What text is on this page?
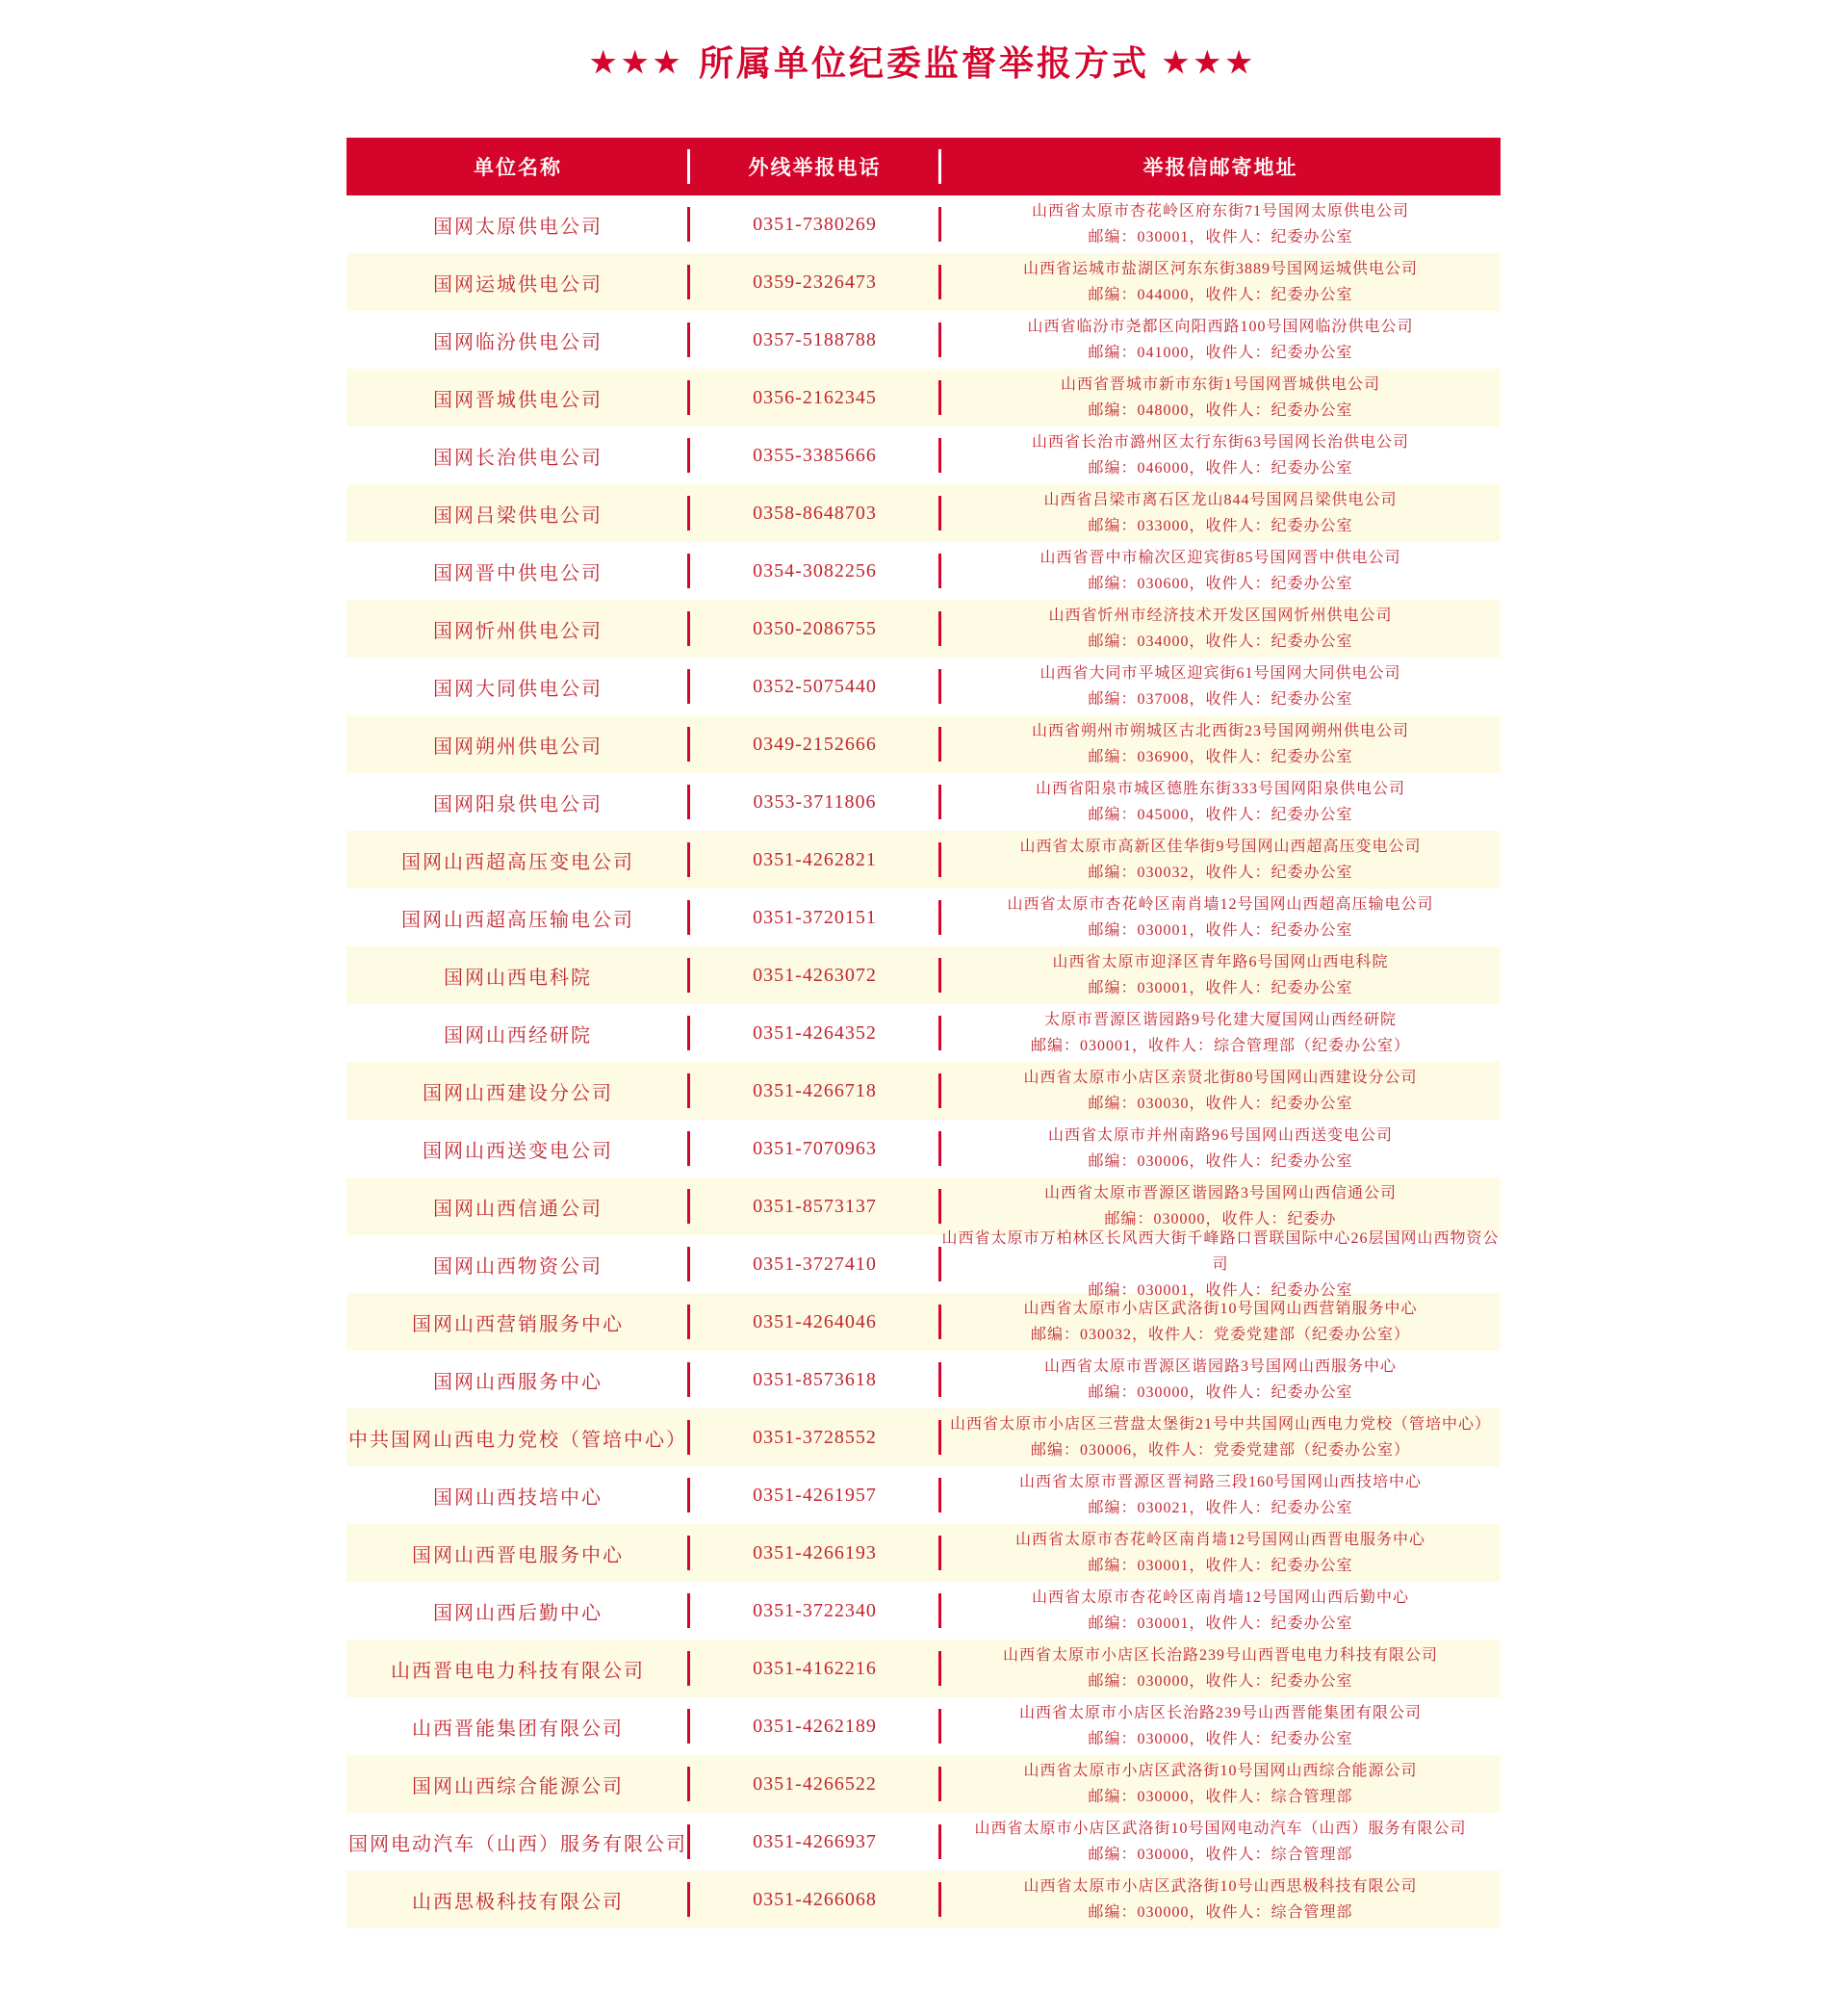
★★★ 所属单位纪委监督举报方式 ★★★
单位名称	外线举报电话	举报信邮寄地址
国网太原供电公司	0351-7380269
山西省太原市杏花岭区府东街71号国网太原供电公司
邮编：030001，收件人：纪委办公室
国网运城供电公司	0359-2326473
山西省运城市盐湖区河东东街3889号国网运城供电公司
邮编：044000，收件人：纪委办公室
国网临汾供电公司	0357-5188788
山西省临汾市尧都区向阳西路100号国网临汾供电公司
邮编：041000，收件人：纪委办公室
国网晋城供电公司	0356-2162345
山西省晋城市新市东街1号国网晋城供电公司
邮编：048000，收件人：纪委办公室
国网长治供电公司	0355-3385666
山西省长治市潞州区太行东街63号国网长治供电公司
邮编：046000，收件人：纪委办公室
国网吕梁供电公司	0358-8648703
山西省吕梁市离石区龙山844号国网吕梁供电公司
邮编：033000，收件人：纪委办公室
国网晋中供电公司	0354-3082256
山西省晋中市榆次区迎宾街85号国网晋中供电公司
邮编：030600，收件人：纪委办公室
国网忻州供电公司	0350-2086755
山西省忻州市经济技术开发区国网忻州供电公司
邮编：034000，收件人：纪委办公室
国网大同供电公司	0352-5075440
山西省大同市平城区迎宾街61号国网大同供电公司
邮编：037008，收件人：纪委办公室
国网朔州供电公司	0349-2152666
山西省朔州市朔城区古北西街23号国网朔州供电公司
邮编：036900，收件人：纪委办公室
国网阳泉供电公司	0353-3711806
山西省阳泉市城区德胜东街333号国网阳泉供电公司
邮编：045000，收件人：纪委办公室
国网山西超高压变电公司	0351-4262821
山西省太原市高新区佳华街9号国网山西超高压变电公司
邮编：030032，收件人：纪委办公室
国网山西超高压输电公司	0351-3720151
山西省太原市杏花岭区南肖墙12号国网山西超高压输电公司
邮编：030001，收件人：纪委办公室
国网山西电科院	0351-4263072
山西省太原市迎泽区青年路6号国网山西电科院
邮编：030001，收件人：纪委办公室
国网山西经研院	0351-4264352
太原市晋源区谐园路9号化建大厦国网山西经研院
邮编：030001，收件人：综合管理部（纪委办公室）
国网山西建设分公司	0351-4266718
山西省太原市小店区亲贤北街80号国网山西建设分公司
邮编：030030，收件人：纪委办公室
国网山西送变电公司	0351-7070963
山西省太原市并州南路96号国网山西送变电公司
邮编：030006，收件人：纪委办公室
国网山西信通公司	0351-8573137
山西省太原市晋源区谐园路3号国网山西信通公司
邮编：030000，收件人：纪委办
国网山西物资公司	0351-3727410
山西省太原市万柏林区长风西大街千峰路口晋联国际中心26层国网山西物资公司
邮编：030001，收件人：纪委办公室
国网山西营销服务中心	0351-4264046
山西省太原市小店区武洛街10号国网山西营销服务中心
邮编：030032，收件人：党委党建部（纪委办公室）
国网山西服务中心	0351-8573618
山西省太原市晋源区谐园路3号国网山西服务中心
邮编：030000，收件人：纪委办公室
中共国网山西电力党校（管培中心）	0351-3728552
山西省太原市小店区三营盘太堡街21号中共国网山西电力党校（管培中心）
邮编：030006，收件人：党委党建部（纪委办公室）
国网山西技培中心	0351-4261957
山西省太原市晋源区晋祠路三段160号国网山西技培中心
邮编：030021，收件人：纪委办公室
国网山西晋电服务中心	0351-4266193
山西省太原市杏花岭区南肖墙12号国网山西晋电服务中心
邮编：030001，收件人：纪委办公室
国网山西后勤中心	0351-3722340
山西省太原市杏花岭区南肖墙12号国网山西后勤中心
邮编：030001，收件人：纪委办公室
山西晋电电力科技有限公司	0351-4162216
山西省太原市小店区长治路239号山西晋电电力科技有限公司
邮编：030000，收件人：纪委办公室
山西晋能集团有限公司	0351-4262189
山西省太原市小店区长治路239号山西晋能集团有限公司
邮编：030000，收件人：纪委办公室
国网山西综合能源公司	0351-4266522
山西省太原市小店区武洛街10号国网山西综合能源公司
邮编：030000，收件人：综合管理部
国网电动汽车（山西）服务有限公司	0351-4266937
山西省太原市小店区武洛街10号国网电动汽车（山西）服务有限公司
邮编：030000，收件人：综合管理部
山西思极科技有限公司	0351-4266068
山西省太原市小店区武洛街10号山西思极科技有限公司
邮编：030000，收件人：综合管理部
